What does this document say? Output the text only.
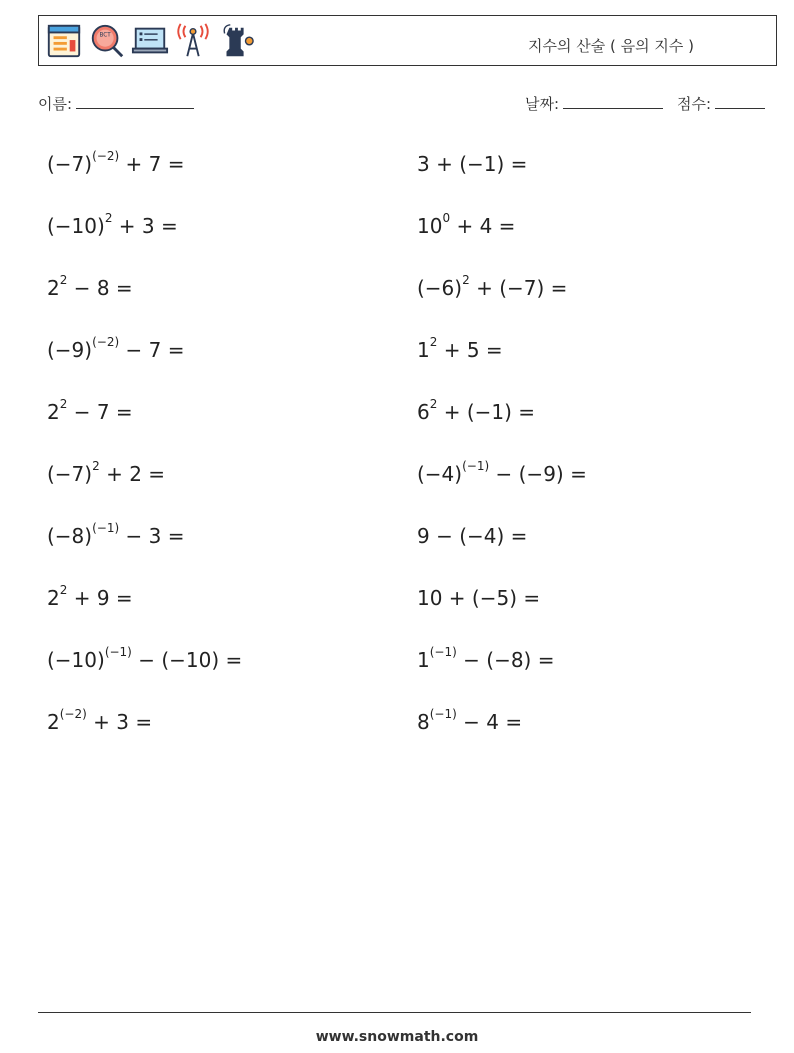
BCT
지수의 산술 ( 음의 지수 )
이름:	날짜:	점수:
$(-7)^{(-2)} + 7$ =	3 + (−1) =
$(-10)^2 + 3$ =	$10^0 + 4$ =
$2^2 - 8$ =	$(-6)^2 + (-7)$ =
$(-9)^{(-2)} - 7$ =	$1^2 + 5$ =
$2^2 - 7$ =	$6^2 + (-1)$ =
$(-7)^2 + 2$ =	$(-4)^{(-1)} - (-9)$ =
$(-8)^{(-1)} - 3$ =	9 − (−4) =
$2^2 + 9$ =	10 + (−5) =
$(-10)^{(-1)} - (-10)$ =	$1^{(-1)} - (-8)$ =
$2^{(-2)} + 3$ =	$8^{(-1)} - 4$ =
www.snowmath.com
